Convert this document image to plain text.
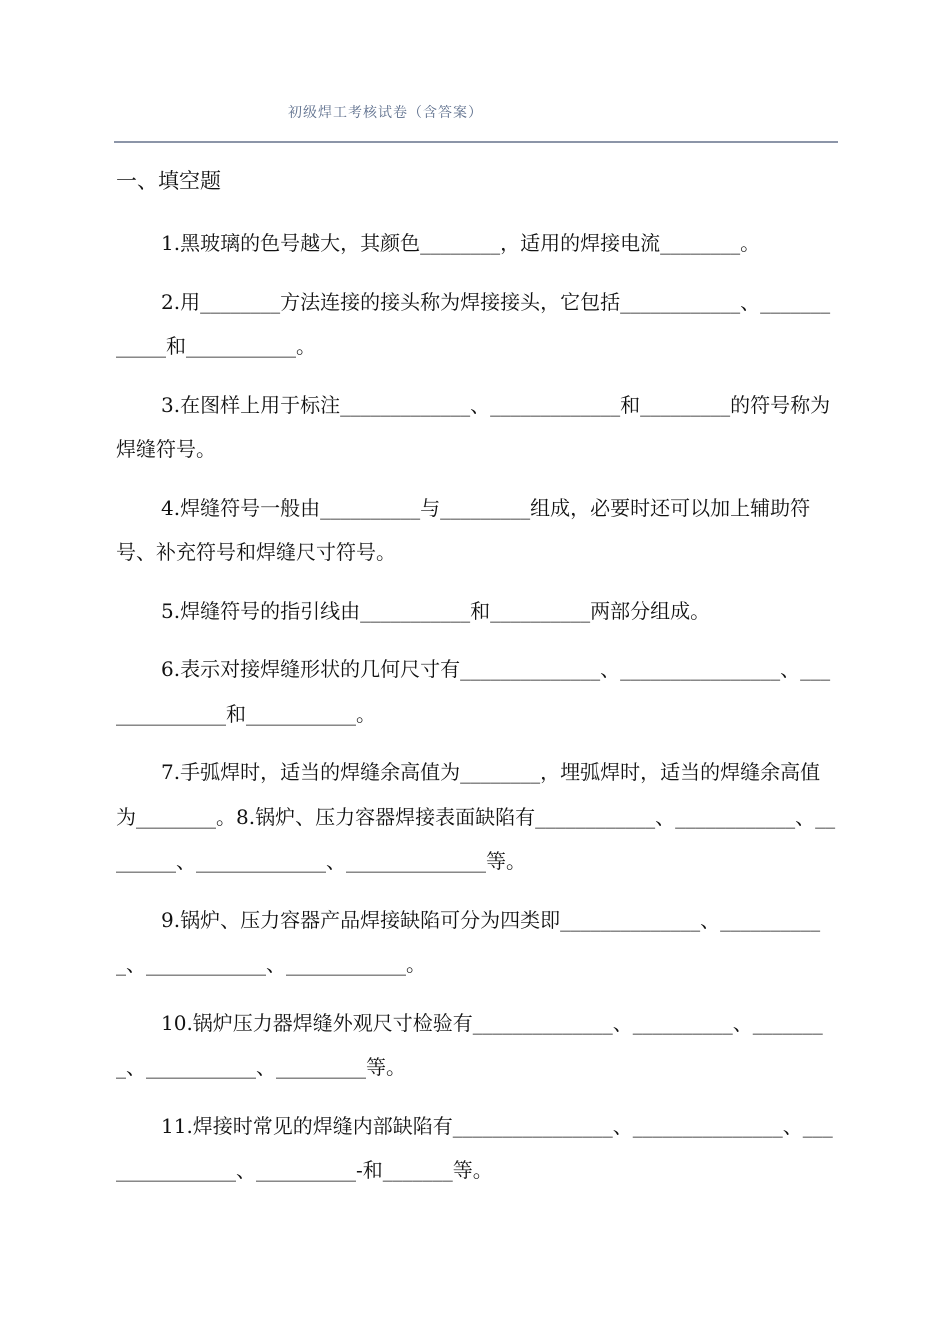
初级焊工考核试卷（含答案）
一、填空题

1.黑玻璃的色号越大，其颜色________，适用的焊接电流________。

2.用________方法连接的接头称为焊接接头，它包括____________、____________和___________。

3.在图样上用于标注_____________、_____________和_________的符号称为焊缝符号。

4.焊缝符号一般由__________与_________组成，必要时还可以加上辅助符号、补充符号和焊缝尺寸符号。

5.焊缝符号的指引线由___________和__________两部分组成。

6.表示对接焊缝形状的几何尺寸有______________、________________、______________和___________。

7.手弧焊时，适当的焊缝余高值为________，埋弧焊时，适当的焊缝余高值为________。8.锅炉、压力容器焊接表面缺陷有____________、____________、________、_____________、______________等。

9.锅炉、压力容器产品焊接缺陷可分为四类即______________、___________、____________、____________。

10.锅炉压力器焊缝外观尺寸检验有______________、__________、________、___________、_________等。

11.焊接时常见的焊缝内部缺陷有________________、_______________、_______________、__________-和_______等。
